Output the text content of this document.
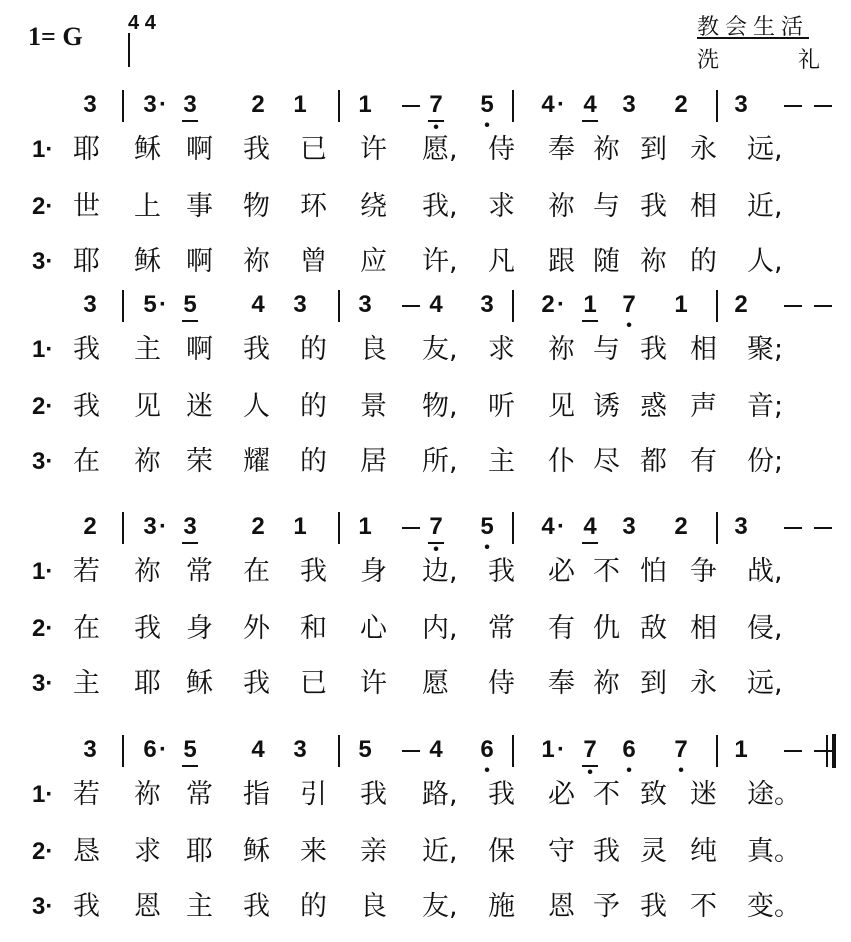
1= G 4 4	教会生活
洗	礼
3 3 · 3 2 1 1 7
•
5
•
4 · 4 3 2 3
1· 耶 稣 啊 我 已 许 愿,	侍 奉 祢 到 永 远,
2· 世 上 事 物 环 绕 我,	求 祢 与 我 相 近,
3· 耶 稣 啊 祢 曾 应 许,	凡 跟 随 祢 的 人,
3 5 · 5 4 3 3 4 3 2 · 1 7
•
1 2
1· 我 主 啊 我 的 良 友,	求 祢 与 我 相 聚;
2· 我 见 迷 人 的 景 物,	听 见 诱 惑 声 音;
3· 在 祢 荣 耀 的 居 所,	主 仆 尽 都 有 份;
2 3 · 3 2 1 1 7
•
5
•
4 · 4 3 2 3
1· 若 祢 常 在 我 身 边,	我 必 不 怕 争 战,
2· 在 我 身 外 和 心 内,	常 有 仇 敌 相 侵,
3· 主 耶 稣 我 已 许 愿 侍 奉 祢 到 永 远,
3 6 · 5 4 3 5 4 6
•
1 · 7
•
6
•
7
•
1
1· 若 祢 常 指 引 我 路,	我 必 不 致 迷 途。
2· 恳 求 耶 稣 来 亲 近,	保 守 我 灵 纯 真。
3· 我 恩 主 我 的 良 友,	施 恩 予 我 不 变。
